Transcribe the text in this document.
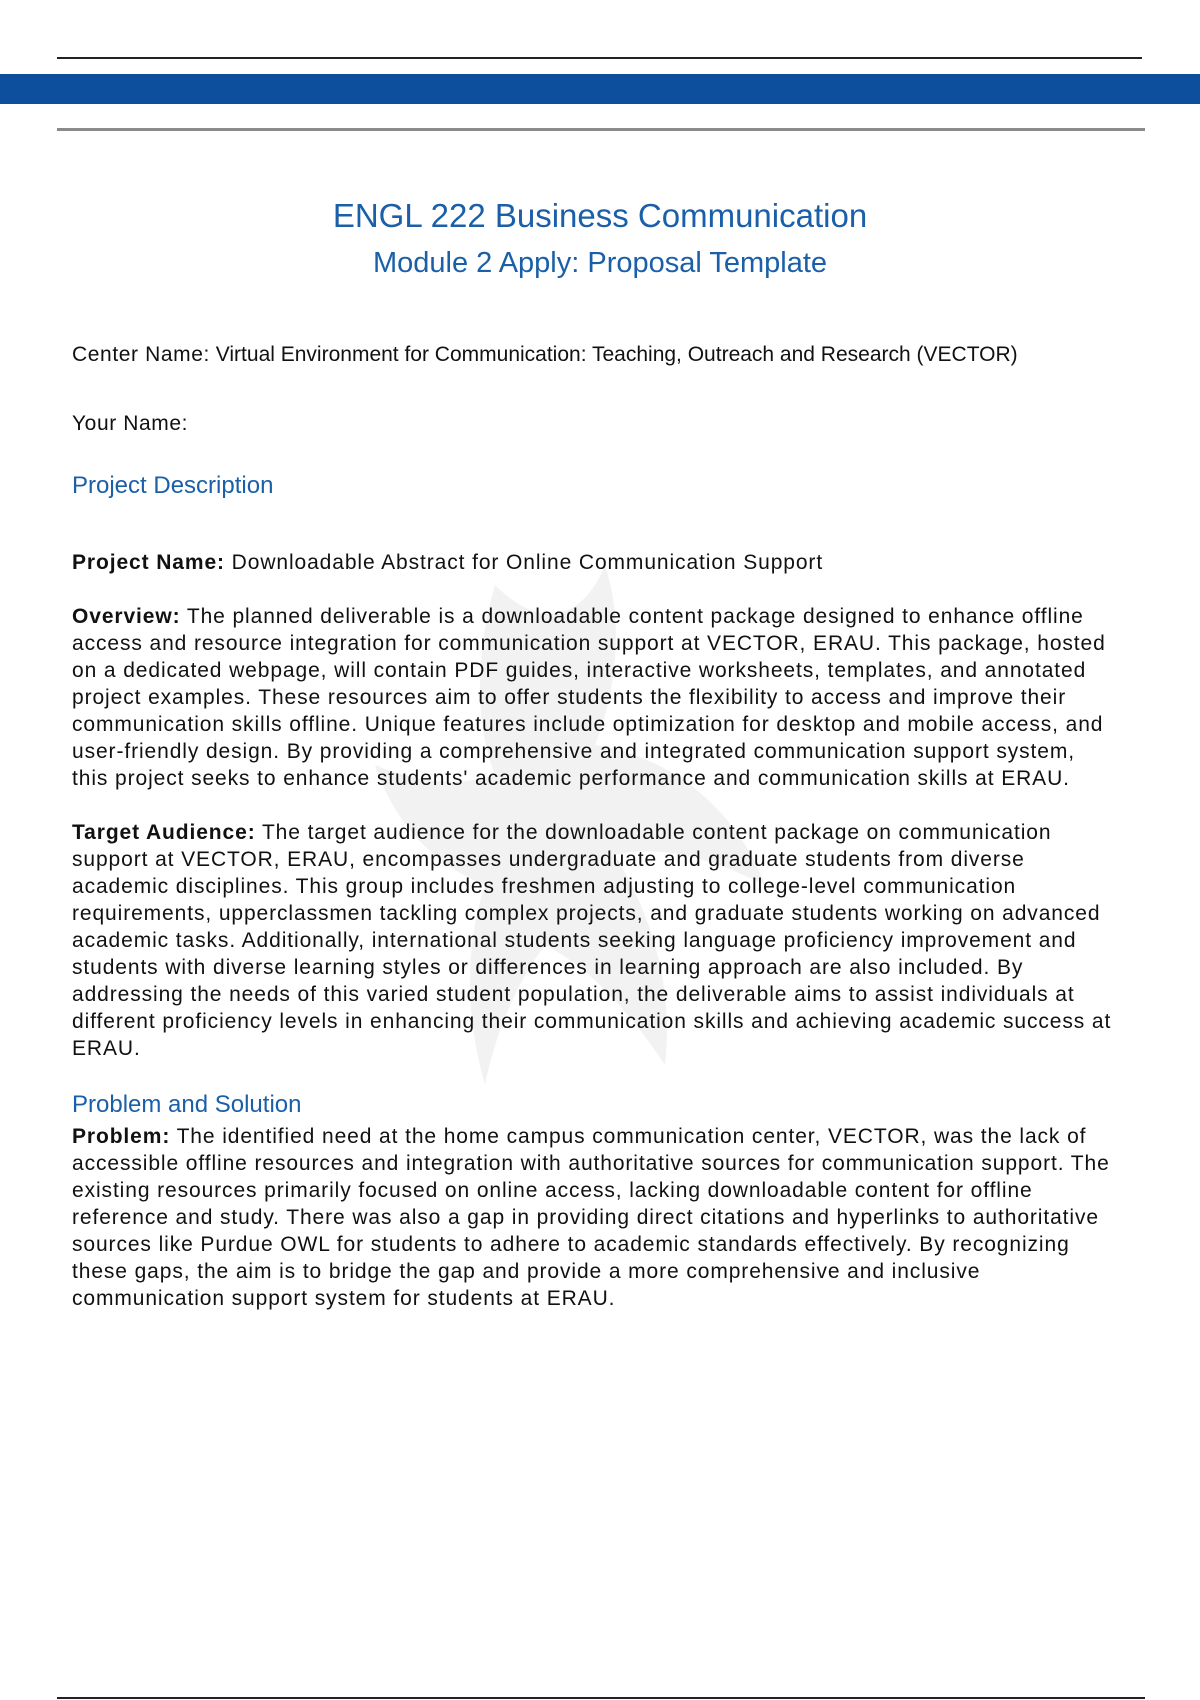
ENGL 222 Business Communication
Module 2 Apply: Proposal Template

Center Name: Virtual Environment for Communication: Teaching, Outreach and Research (VECTOR)

Your Name:

Project Description

Project Name: Downloadable Abstract for Online Communication Support

Overview: The planned deliverable is a downloadable content package designed to enhance offline access and resource integration for communication support at VECTOR, ERAU. This package, hosted on a dedicated webpage, will contain PDF guides, interactive worksheets, templates, and annotated project examples. These resources aim to offer students the flexibility to access and improve their communication skills offline. Unique features include optimization for desktop and mobile access, and user-friendly design. By providing a comprehensive and integrated communication support system, this project seeks to enhance students' academic performance and communication skills at ERAU.

Target Audience: The target audience for the downloadable content package on communication support at VECTOR, ERAU, encompasses undergraduate and graduate students from diverse academic disciplines. This group includes freshmen adjusting to college-level communication requirements, upperclassmen tackling complex projects, and graduate students working on advanced academic tasks. Additionally, international students seeking language proficiency improvement and students with diverse learning styles or differences in learning approach are also included. By addressing the needs of this varied student population, the deliverable aims to assist individuals at different proficiency levels in enhancing their communication skills and achieving academic success at ERAU.

Problem and Solution

Problem: The identified need at the home campus communication center, VECTOR, was the lack of accessible offline resources and integration with authoritative sources for communication support. The existing resources primarily focused on online access, lacking downloadable content for offline reference and study. There was also a gap in providing direct citations and hyperlinks to authoritative sources like Purdue OWL for students to adhere to academic standards effectively. By recognizing these gaps, the aim is to bridge the gap and provide a more comprehensive and inclusive communication support system for students at ERAU.
